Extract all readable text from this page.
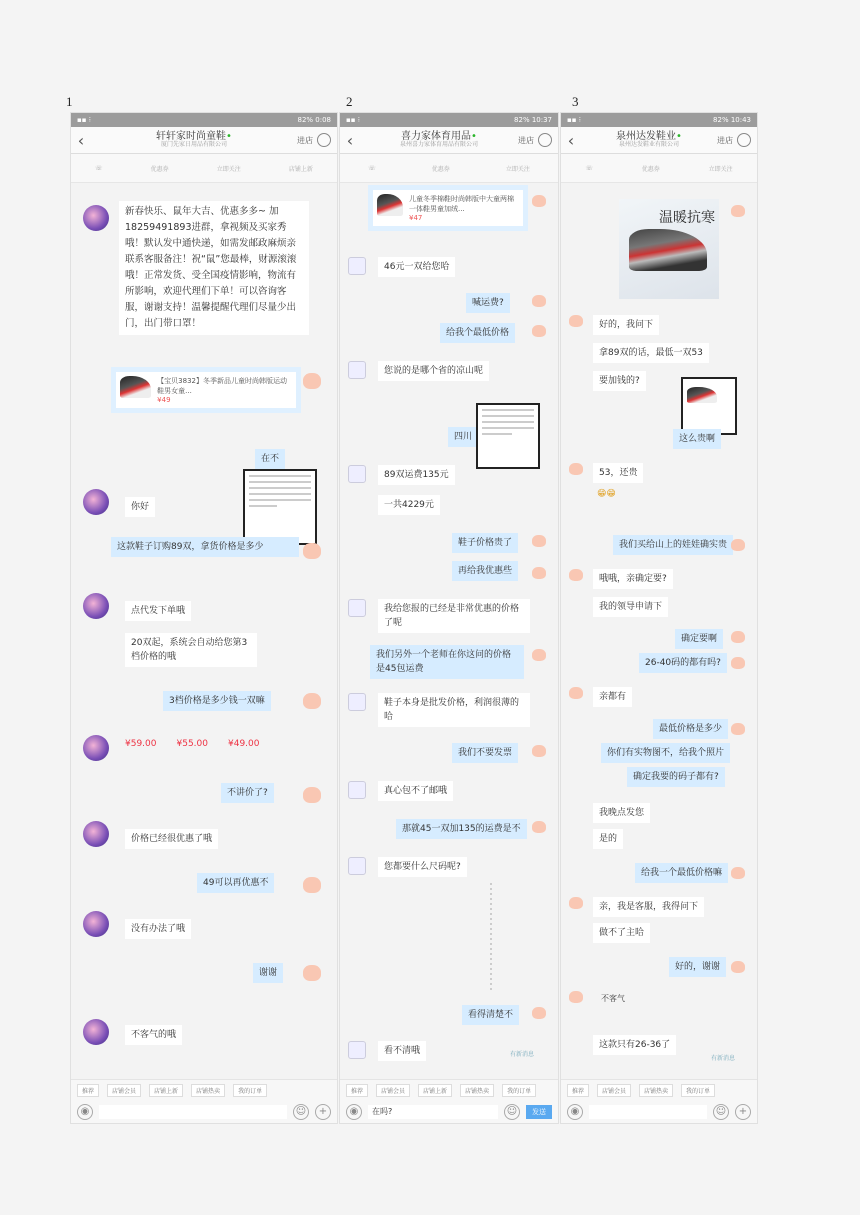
1	2	3
▪▪ ⁝	82% 0:08
‹	轩轩家时尚童鞋•
厦门先家日用品有限公司
进店
☏	优惠券	立即关注	店铺上新
新春快乐、鼠年大吉、优惠多多~ 加 18259491893进群，拿视频及买家秀哦！默认发中通快递，如需发邮政麻烦亲联系客服备注！祝“鼠”您最棒，财源滚滚哦！正常发货、受全国疫情影响，物流有所影响，欢迎代理们下单！可以咨询客服，谢谢支持！温馨提醒代理们尽量少出门，出门带口罩！
【宝贝3832】冬季新品儿童时尚韩版运动鞋男女童...
¥49
在不
你好
这款鞋子订购89双，拿货价格是多少
点代发下单哦
20双起，系统会自动给您第3档价格的哦
3档价格是多少钱一双嘛
¥59.00 ¥55.00 ¥49.00
不讲价了?
价格已经很优惠了哦
49可以再优惠不
没有办法了哦
谢谢
不客气的哦
推荐	店铺会员	店铺上新	店铺热卖	我的订单
◉	☺	+
▪▪ ⁝	82% 10:37
‹	喜力家体育用品•
泉州喜力家体育用品有限公司
进店
☏	优惠券	立即关注
儿童冬季棉鞋时尚韩版中大童两棉一体鞋男童加绒...
¥47
46元一双给您哈
喊运费?
给我个最低价格
您说的是哪个省的凉山呢
四川
89双运费135元
一共4229元
鞋子价格贵了
再给我优惠些
我给您报的已经是非常优惠的价格了呢
我们另外一个老师在你这问的价格是45包运费
鞋子本身是批发价格，利润很薄的哈
我们不要发票
真心包不了邮哦
那就45一双加135的运费是不
您都要什么尺码呢?
看得清楚不
看不清哦	有新消息
推荐	店铺会员	店铺上新	店铺热卖	我的订单
◉	在吗?	☺	发送
▪▪ ⁝	82% 10:43
‹	泉州达发鞋业•
泉州达发鞋业有限公司
进店
☏	优惠券	立即关注
温暖抗寒
好的，我问下
拿89双的话，最低一双53
要加钱的?
这么贵啊
53，还贵
😁😁
我们买给山上的娃娃确实贵
哦哦，亲确定要?
我的领导申请下
确定要啊
26-40码的都有吗?
亲都有
最低价格是多少
你们有实物图不，给我个照片
确定我要的码子都有?
我晚点发您
是的
给我一个最低价格嘛
亲，我是客服，我得问下
做不了主哈
好的，谢谢
不客气
这款只有26-36了
有新消息
推荐	店铺会员	店铺热卖	我的订单
◉	☺	+
